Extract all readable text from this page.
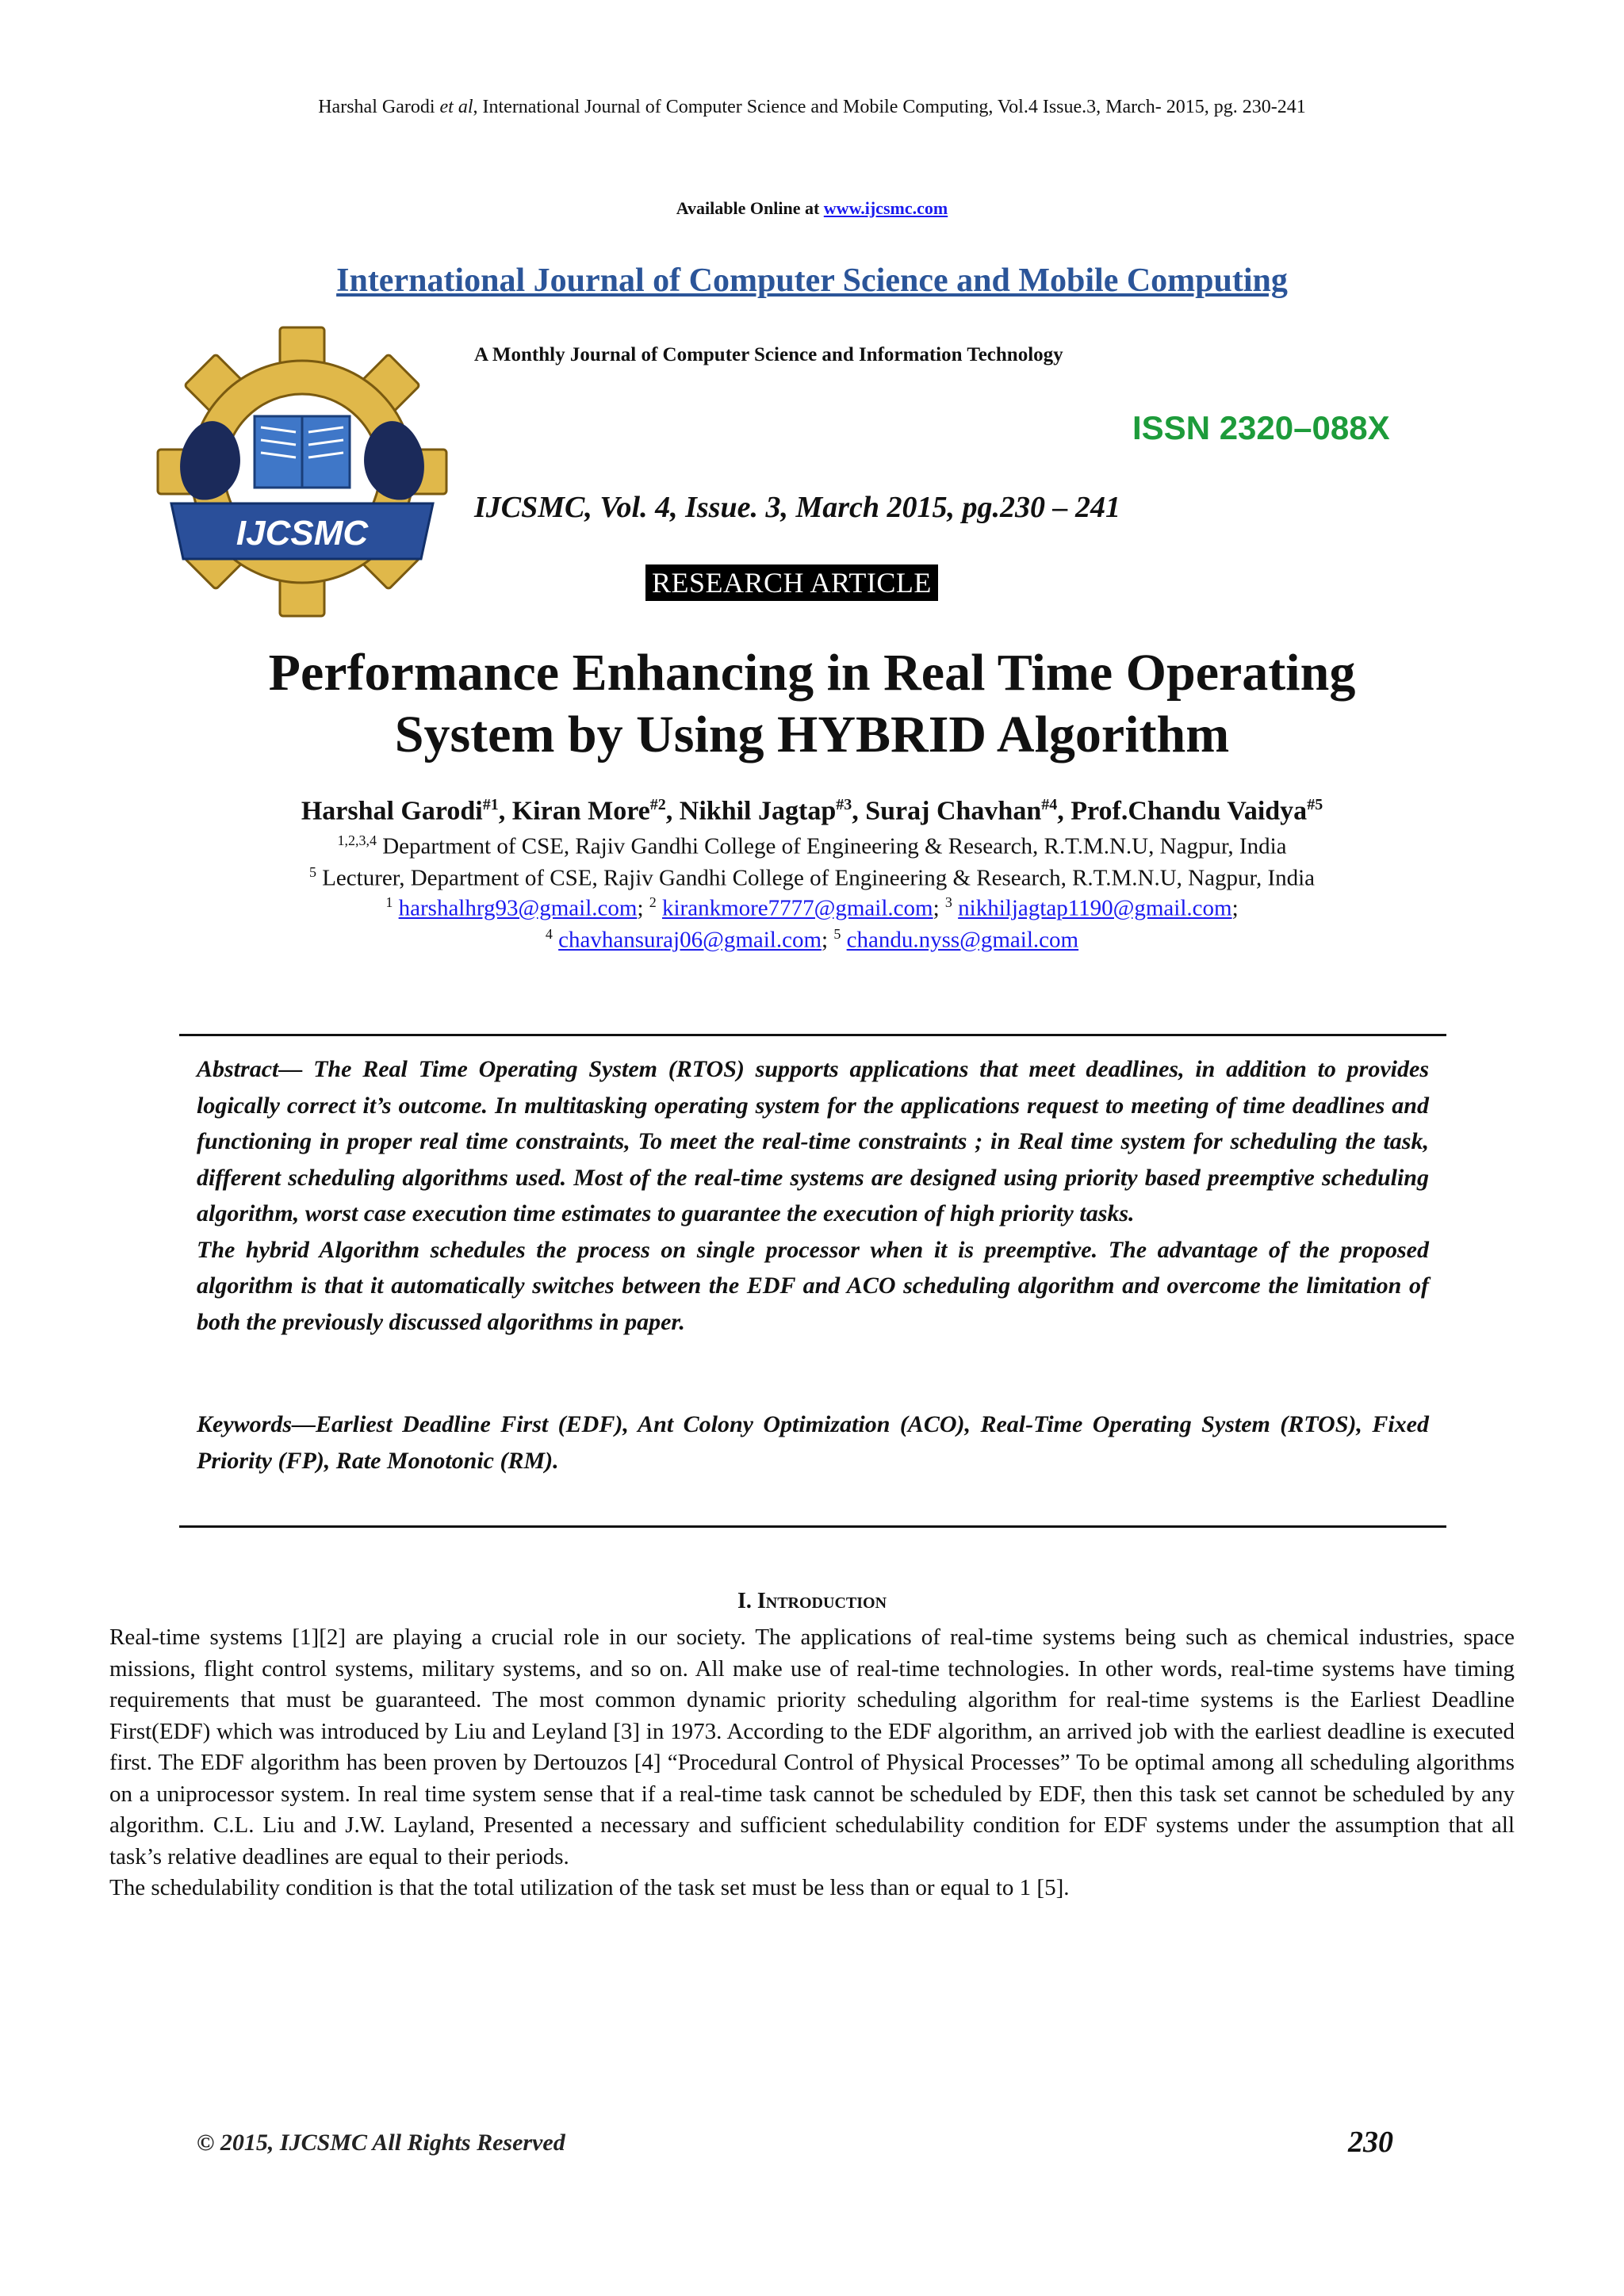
Harshal Garodi et al, International Journal of Computer Science and Mobile Computing, Vol.4 Issue.3, March- 2015, pg. 230-241
Available Online at www.ijcsmc.com
International Journal of Computer Science and Mobile Computing
IJCSMC
A Monthly Journal of Computer Science and Information Technology
ISSN 2320–088X
IJCSMC, Vol. 4, Issue. 3, March 2015, pg.230 – 241
RESEARCH ARTICLE
Performance Enhancing in Real Time Operating
System by Using HYBRID Algorithm
Harshal Garodi$^{\#1}$, Kiran More$^{\#2}$, Nikhil Jagtap$^{\#3}$, Suraj Chavhan$^{\#4}$, Prof.Chandu Vaidya$^{\#5}$
$^{1,2,3,4}$ Department of CSE, Rajiv Gandhi College of Engineering & Research, R.T.M.N.U, Nagpur, India
$^5$ Lecturer, Department of CSE, Rajiv Gandhi College of Engineering & Research, R.T.M.N.U, Nagpur, India
$^1$ harshalhrg93@gmail.com; $^2$ kirankmore7777@gmail.com; $^3$ nikhiljagtap1190@gmail.com;
$^4$ chavhansuraj06@gmail.com; $^5$ chandu.nyss@gmail.com

Abstract— The Real Time Operating System (RTOS) supports applications that meet deadlines, in addition to provides logically correct it’s outcome. In multitasking operating system for the applications request to meeting of time deadlines and functioning in proper real time constraints, To meet the real-time constraints ; in Real time system for scheduling the task, different scheduling algorithms used. Most of the real-time systems are designed using priority based preemptive scheduling algorithm, worst case execution time estimates to guarantee the execution of high priority tasks.

The hybrid Algorithm schedules the process on single processor when it is preemptive. The advantage of the proposed algorithm is that it automatically switches between the EDF and ACO scheduling algorithm and overcome the limitation of both the previously discussed algorithms in paper.

Keywords—Earliest Deadline First (EDF), Ant Colony Optimization (ACO), Real-Time Operating System (RTOS), Fixed Priority (FP), Rate Monotonic (RM).
I. Introduction

Real-time systems [1][2] are playing a crucial role in our society. The applications of real-time systems being such as chemical industries, space missions, flight control systems, military systems, and so on. All make use of real-time technologies. In other words, real-time systems have timing requirements that must be guaranteed. The most common dynamic priority scheduling algorithm for real-time systems is the Earliest Deadline First(EDF) which was introduced by Liu and Leyland [3] in 1973. According to the EDF algorithm, an arrived job with the earliest deadline is executed first. The EDF algorithm has been proven by Dertouzos [4] “Procedural Control of Physical Processes” To be optimal among all scheduling algorithms on a uniprocessor system. In real time system sense that if a real-time task cannot be scheduled by EDF, then this task set cannot be scheduled by any algorithm. C.L. Liu and J.W. Layland, Presented a necessary and sufficient schedulability condition for EDF systems under the assumption that all task’s relative deadlines are equal to their periods.

The schedulability condition is that the total utilization of the task set must be less than or equal to 1 [5].

© 2015, IJCSMC All Rights Reserved	230
